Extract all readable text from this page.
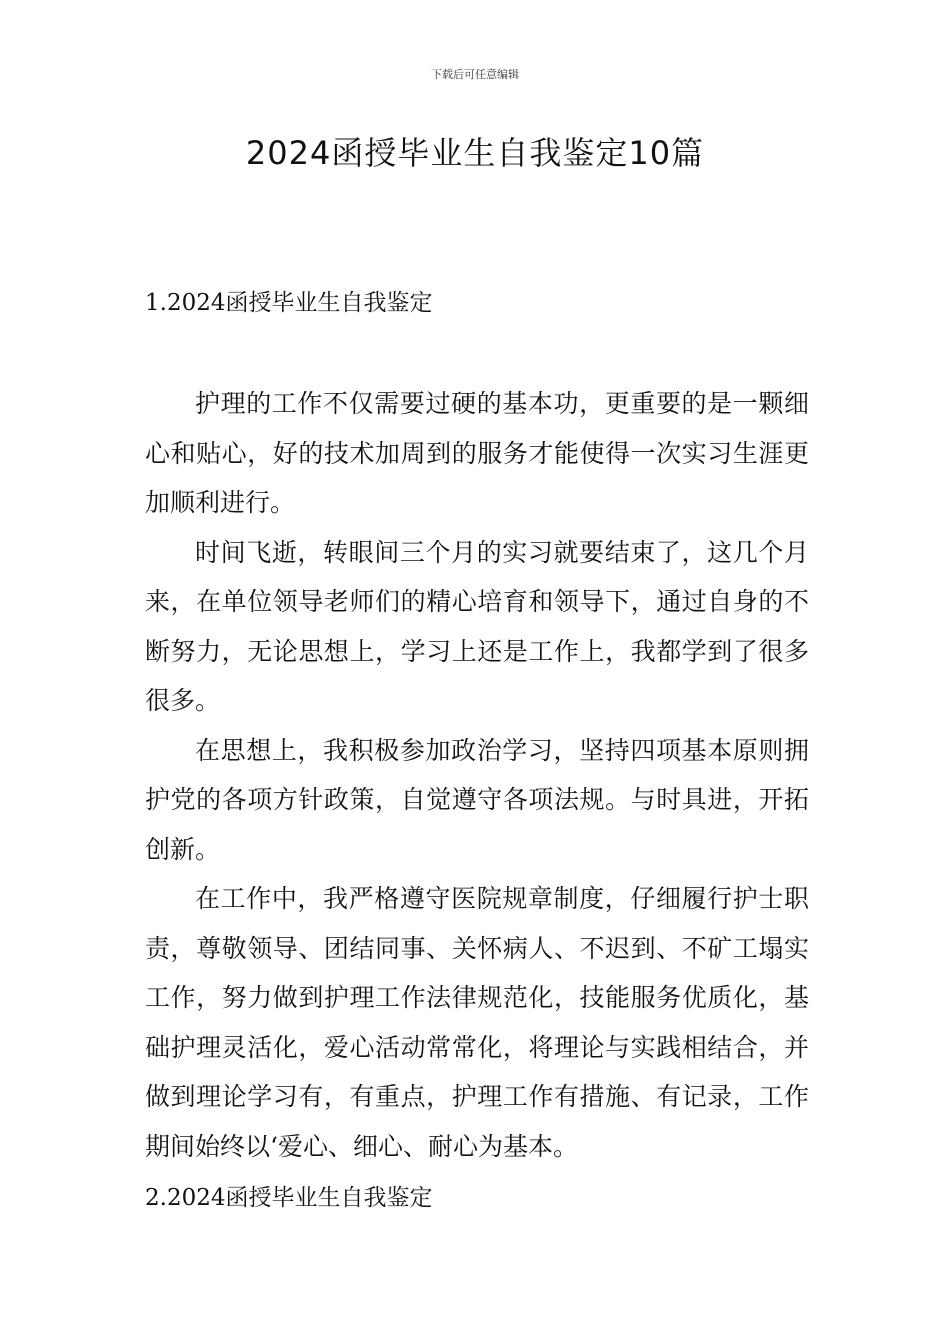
下载后可任意编辑
2024函授毕业生自我鉴定10篇
1.2024函授毕业生自我鉴定

护理的工作不仅需要过硬的基本功，更重要的是一颗细心和贴心，好的技术加周到的服务才能使得一次实习生涯更加顺利进行。

时间飞逝，转眼间三个月的实习就要结束了，这几个月来，在单位领导老师们的精心培育和领导下，通过自身的不断努力，无论思想上，学习上还是工作上，我都学到了很多很多。

在思想上，我积极参加政治学习，坚持四项基本原则拥护党的各项方针政策，自觉遵守各项法规。与时具进，开拓创新。

在工作中，我严格遵守医院规章制度，仔细履行护士职责，尊敬领导、团结同事、关怀病人、不迟到、不矿工塌实工作，努力做到护理工作法律规范化，技能服务优质化，基础护理灵活化，爱心活动常常化，将理论与实践相结合，并做到理论学习有，有重点，护理工作有措施、有记录，工作期间始终以‘爱心、细心、耐心为基本。

2.2024函授毕业生自我鉴定
